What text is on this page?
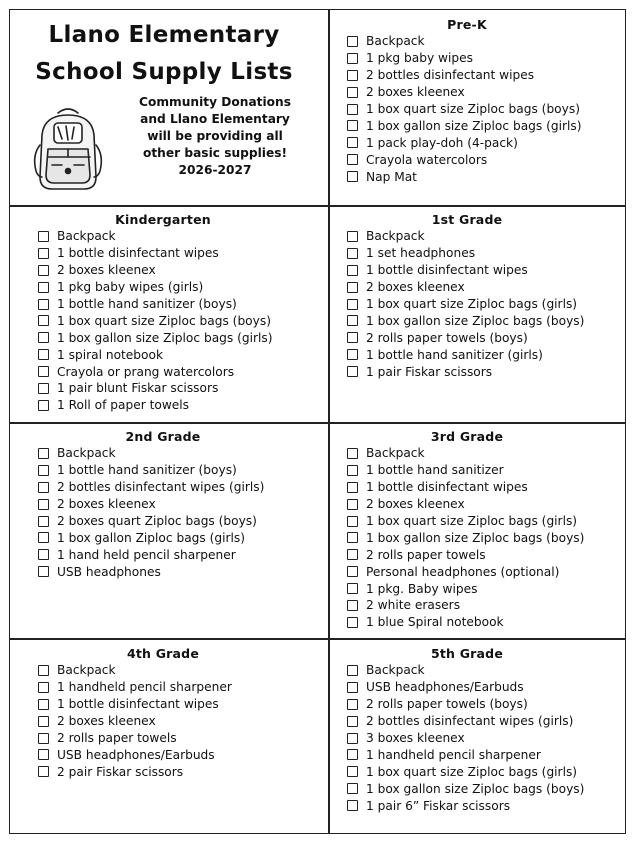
Llano Elementary
School Supply Lists
Community Donations
and Llano Elementary
will be providing all
other basic supplies!
2026-2027
Pre-K
Backpack
1 pkg baby wipes
2 bottles disinfectant wipes
2 boxes kleenex
1 box quart size Ziploc bags (boys)
1 box gallon size Ziploc bags (girls)
1 pack play-doh (4-pack)
Crayola watercolors
Nap Mat
Kindergarten
Backpack
1 bottle disinfectant wipes
2 boxes kleenex
1 pkg baby wipes (girls)
1 bottle hand sanitizer (boys)
1 box quart size Ziploc bags (boys)
1 box gallon size Ziploc bags (girls)
1 spiral notebook
Crayola or prang watercolors
1 pair blunt Fiskar scissors
1 Roll of paper towels
1st Grade
Backpack
1 set headphones
1 bottle disinfectant wipes
2 boxes kleenex
1 box quart size Ziploc bags (girls)
1 box gallon size Ziploc bags (boys)
2 rolls paper towels (boys)
1 bottle hand sanitizer (girls)
1 pair Fiskar scissors
2nd Grade
Backpack
1 bottle hand sanitizer (boys)
2 bottles disinfectant wipes (girls)
2 boxes kleenex
2 boxes quart Ziploc bags (boys)
1 box gallon Ziploc bags (girls)
1 hand held pencil sharpener
USB headphones
3rd Grade
Backpack
1 bottle hand sanitizer
1 bottle disinfectant wipes
2 boxes kleenex
1 box quart size Ziploc bags (girls)
1 box gallon size Ziploc bags (boys)
2 rolls paper towels
Personal headphones (optional)
1 pkg. Baby wipes
2 white erasers
1 blue Spiral notebook
4th Grade
Backpack
1 handheld pencil sharpener
1 bottle disinfectant wipes
2 boxes kleenex
2 rolls paper towels
USB headphones/Earbuds
2 pair Fiskar scissors
5th Grade
Backpack
USB headphones/Earbuds
2 rolls paper towels (boys)
2 bottles disinfectant wipes (girls)
3 boxes kleenex
1 handheld pencil sharpener
1 box quart size Ziploc bags (girls)
1 box gallon size Ziploc bags (boys)
1 pair 6” Fiskar scissors
